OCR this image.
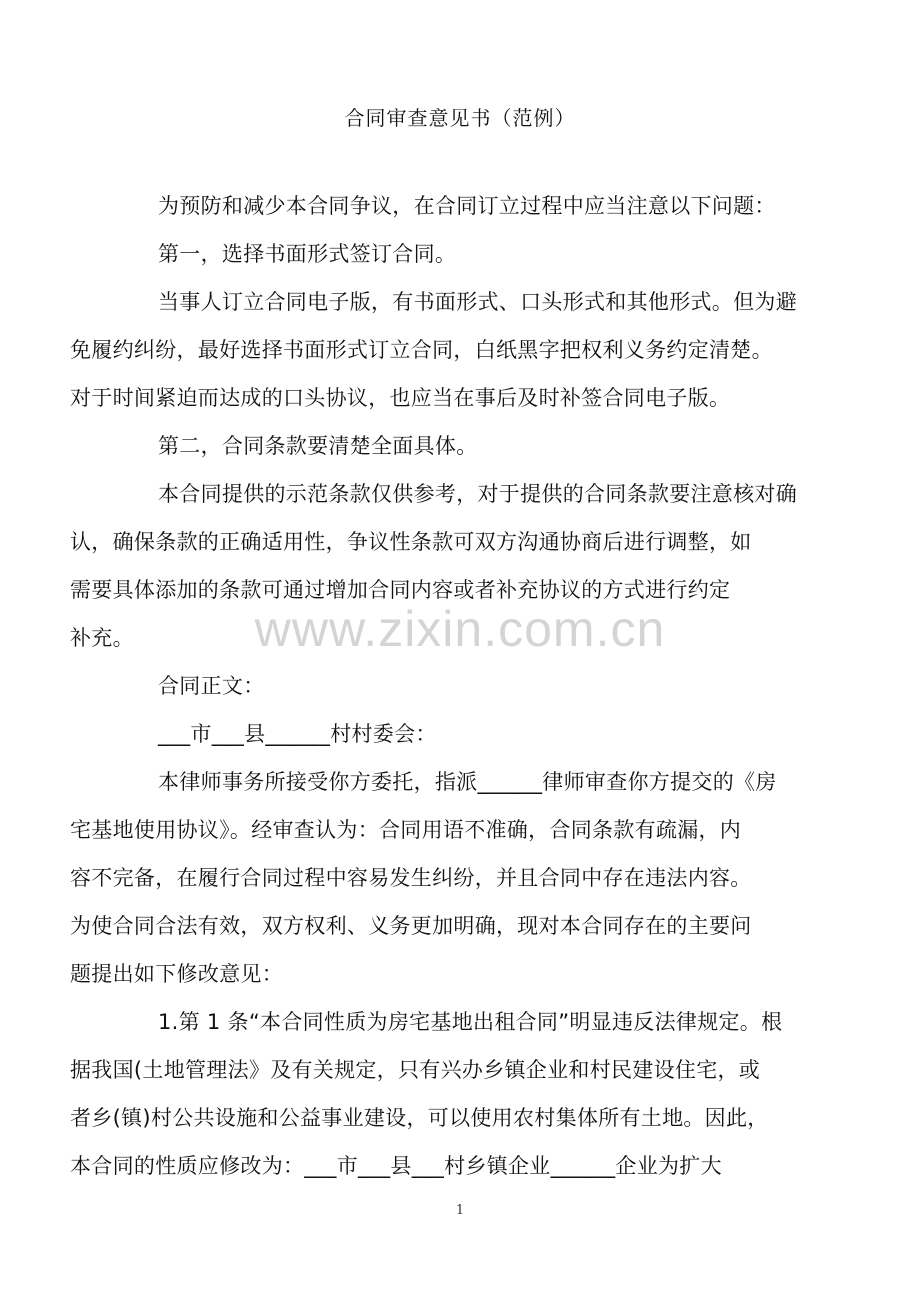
合同审查意见书（范例）

为预防和减少本合同争议，在合同订立过程中应当注意以下问题：

第一，选择书面形式签订合同。

当事人订立合同电子版，有书面形式、口头形式和其他形式。但为避
免履约纠纷，最好选择书面形式订立合同，白纸黑字把权利义务约定清楚。
对于时间紧迫而达成的口头协议，也应当在事后及时补签合同电子版。

第二，合同条款要清楚全面具体。

本合同提供的示范条款仅供参考，对于提供的合同条款要注意核对确
认，确保条款的正确适用性，争议性条款可双方沟通协商后进行调整，如
需要具体添加的条款可通过增加合同内容或者补充协议的方式进行约定
补充。

合同正文：

___市___县______村村委会：

本律师事务所接受你方委托，指派______律师审查你方提交的《房
宅基地使用协议》。经审查认为：合同用语不准确，合同条款有疏漏，内
容不完备，在履行合同过程中容易发生纠纷，并且合同中存在违法内容。
为使合同合法有效，双方权利、义务更加明确，现对本合同存在的主要问
题提出如下修改意见：

1.第 1 条“本合同性质为房宅基地出租合同”明显违反法律规定。根
据我国(土地管理法》及有关规定，只有兴办乡镇企业和村民建设住宅，或
者乡(镇)村公共设施和公益事业建设，可以使用农村集体所有土地。因此，
本合同的性质应修改为：___市___县___村乡镇企业______企业为扩大

www.zixin.com.cn
1
